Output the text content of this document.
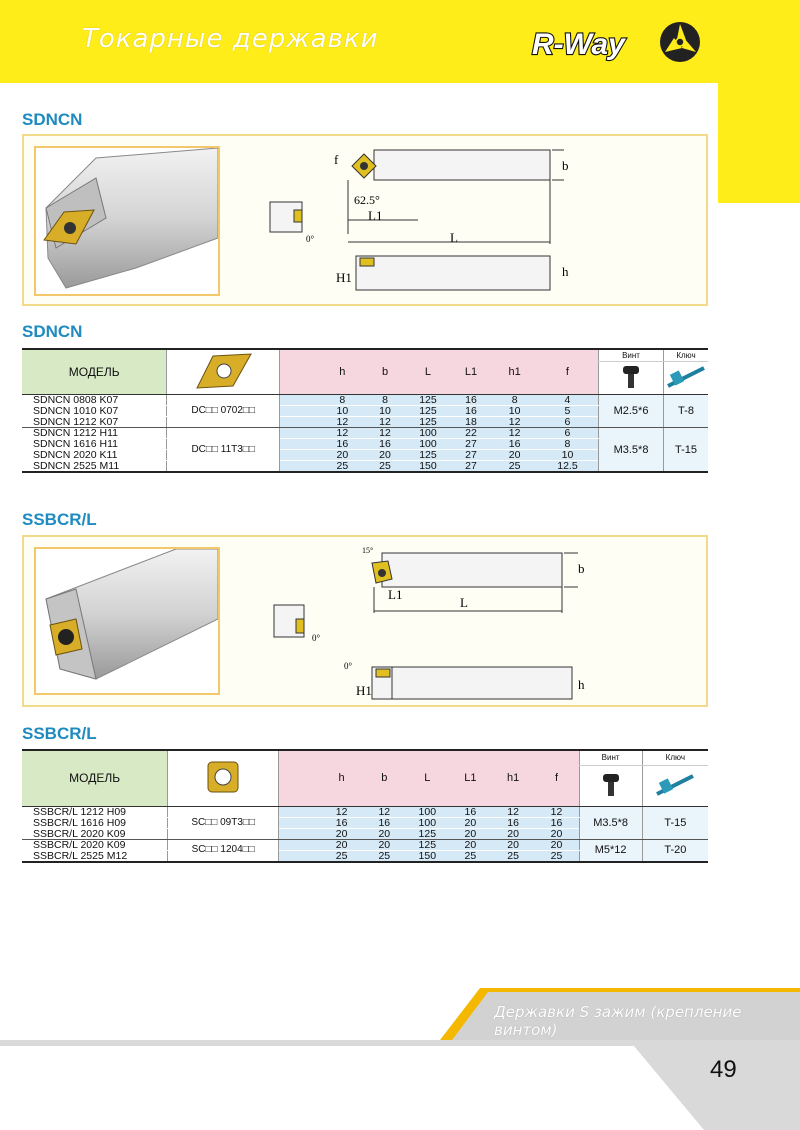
Токарные державки	R-Way
SDNCN
f
62.5°
L1
L
b
0°
H1	h
SDNCN
МОДЕЛЬ			h	b	L	L1	h1	f	Винт	Ключ

SDNCN 0808 K07	DC□□ 0702□□		8	8	125	16	8	4	M2.5*6	T-8
SDNCN 1010 K07			10	10	125	16	10	5		
SDNCN 1212 K07			12	12	125	18	12	6		
SDNCN 1212 H11	DC□□ 11T3□□		12	12	100	22	12	6	M3.5*8	T-15
SDNCN 1616 H11			16	16	100	27	16	8		
SDNCN 2020 K11			20	20	125	27	20	10		
SDNCN 2525 M11			25	25	150	27	25	12.5		
SSBCR/L
15°
L1
L
b
0°
0°
H1	h
SSBCR/L
МОДЕЛЬ			h	b	L	L1	h1	f	Винт	Ключ

SSBCR/L 1212 H09	SC□□ 09T3□□		12	12	100	16	12	12	M3.5*8	T-15
SSBCR/L 1616 H09			16	16	100	20	16	16		
SSBCR/L 2020 K09			20	20	125	20	20	20		
SSBCR/L 2020 K09	SC□□ 1204□□		20	20	125	20	20	20	M5*12	T-20
SSBCR/L 2525 M12			25	25	150	25	25	25		
Державки S зажим (крепление винтом)
49
